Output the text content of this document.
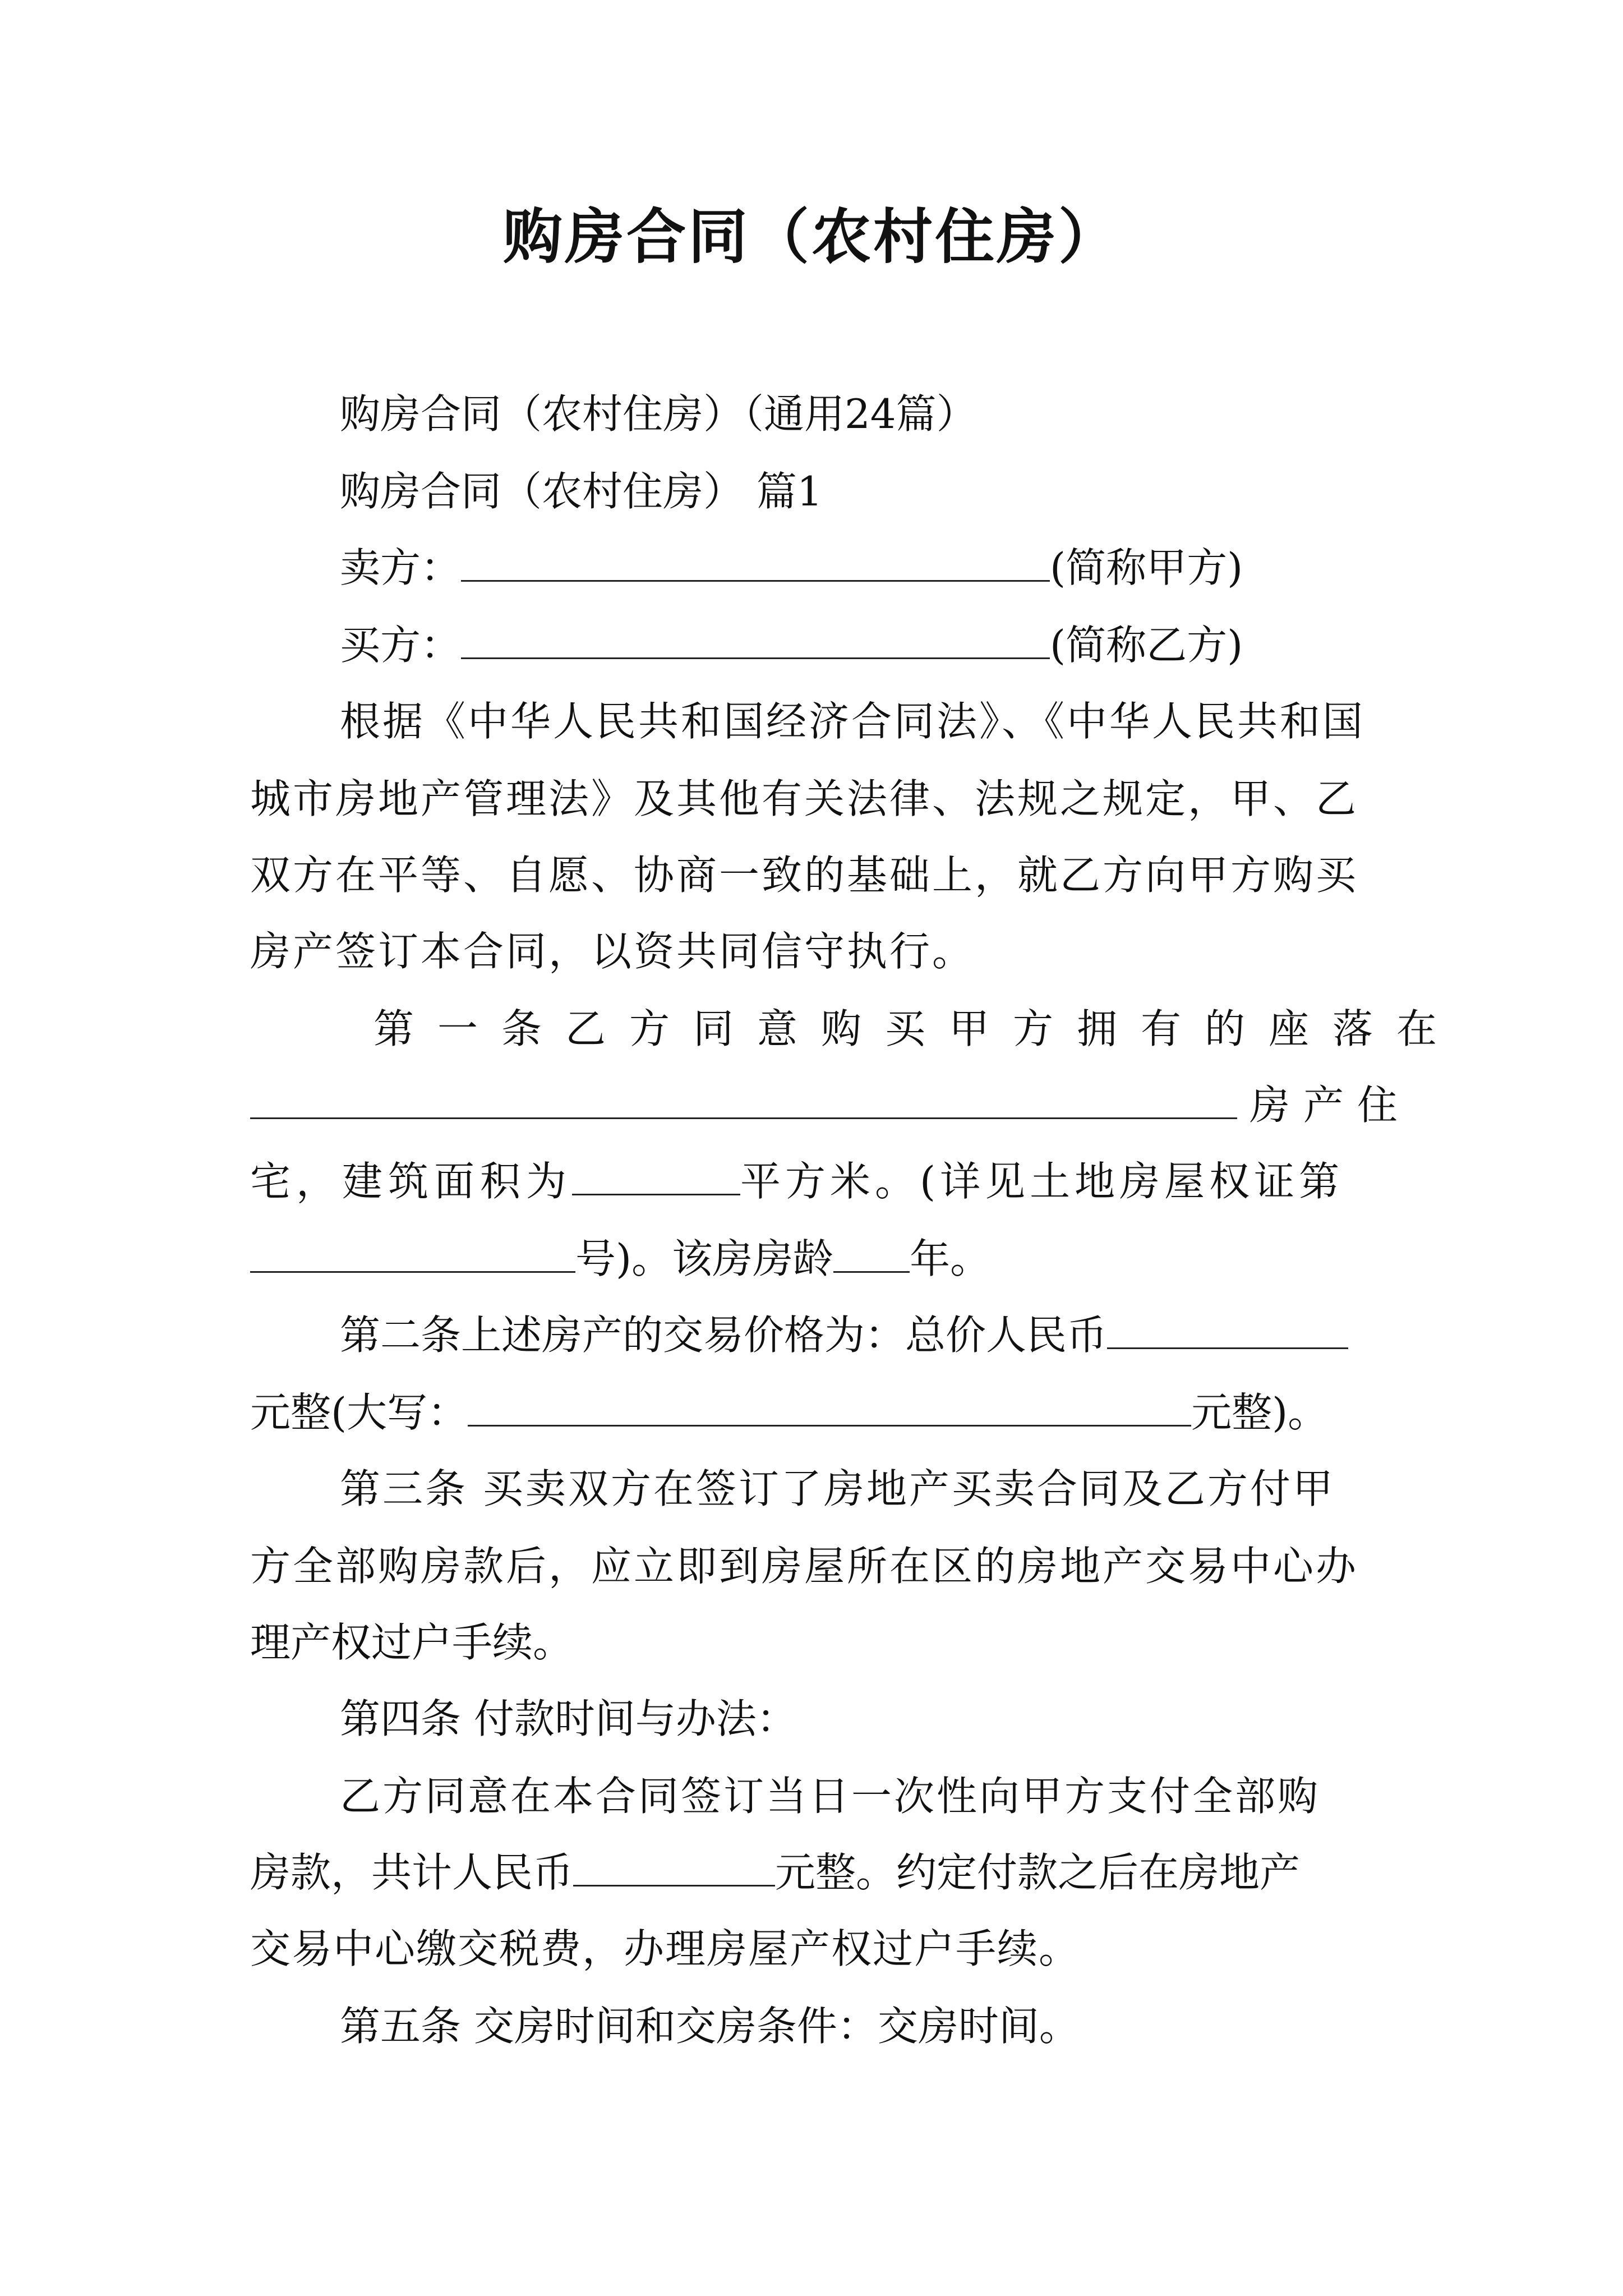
购房合同（农村住房）
购房合同（农村住房）（通用24篇）
购房合同（农村住房） 篇1
卖方：	(简称甲方)
买方：	(简称乙方)
根据《中华人民共和国经济合同法》、《中华人民共和国
城市房地产管理法》及其他有关法律、法规之规定，甲、乙
双方在平等、自愿、协商一致的基础上，就乙方向甲方购买
房产签订本合同，以资共同信守执行。
第一条乙方同意购买甲方拥有的座落在
房产住
宅，建筑面积为	平方米。(详见土地房屋权证第
号)。该房房龄 年。
第二条上述房产的交易价格为：总价人民币
元整(大写：	元整)。
第三条 买卖双方在签订了房地产买卖合同及乙方付甲
方全部购房款后，应立即到房屋所在区的房地产交易中心办
理产权过户手续。
第四条 付款时间与办法：
乙方同意在本合同签订当日一次性向甲方支付全部购
房款，共计人民币	元整。约定付款之后在房地产
交易中心缴交税费，办理房屋产权过户手续。
第五条 交房时间和交房条件：交房时间。
